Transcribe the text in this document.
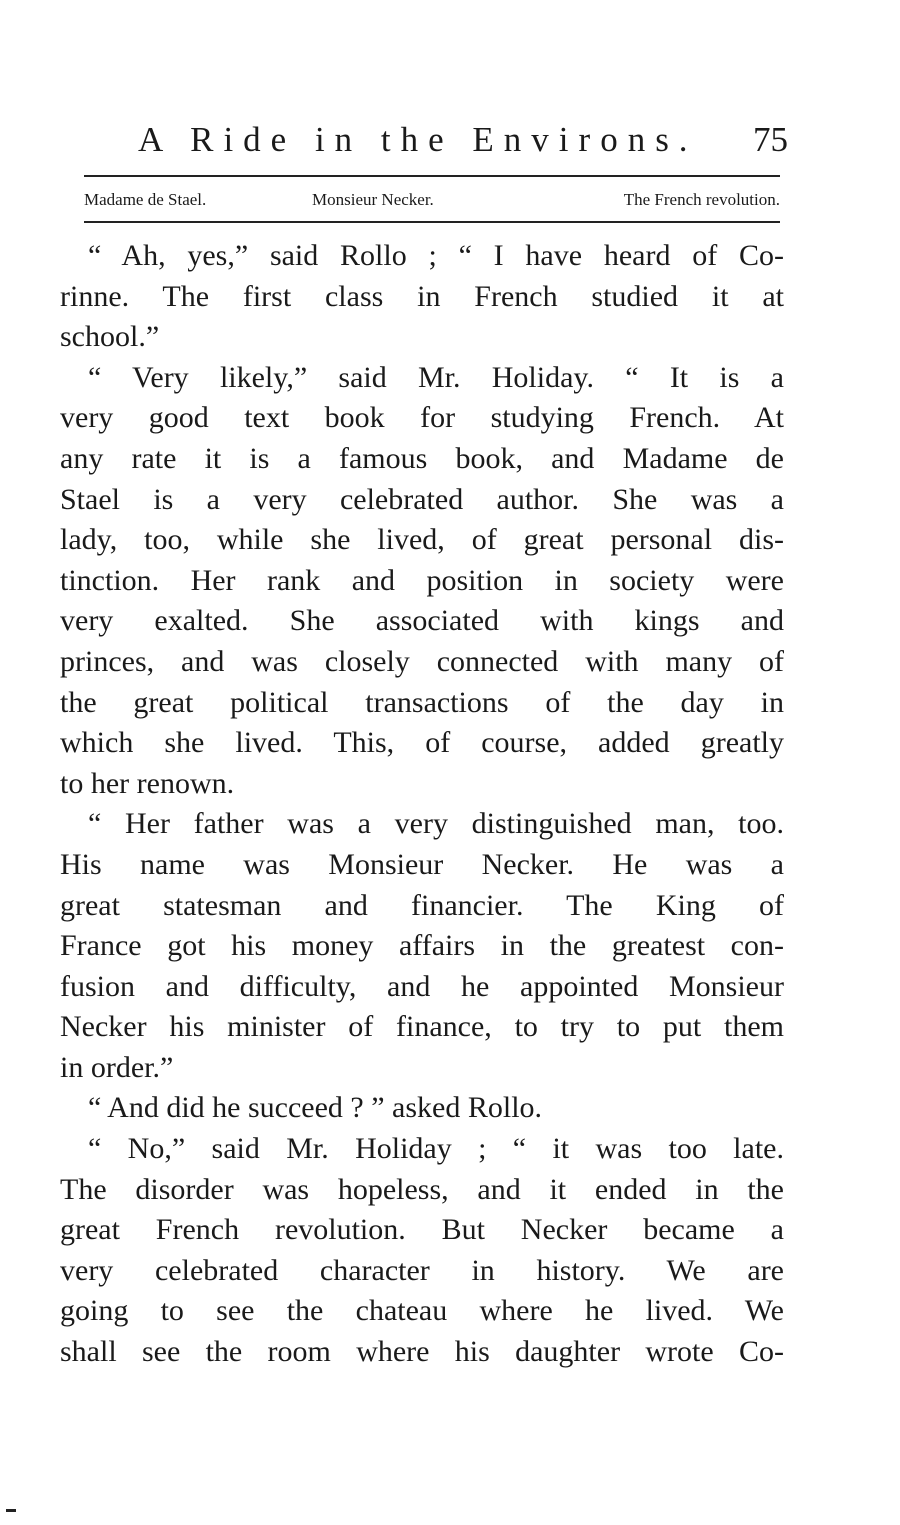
A Ride in the Environs. 75
Madame de Stael.	Monsieur Necker.	The French revolution.
“ Ah, yes,” said Rollo ; “ I have heard of Co-
rinne. The first class in French studied it at
school.”
“ Very likely,” said Mr. Holiday. “ It is a
very good text book for studying French. At
any rate it is a famous book, and Madame de
Stael is a very celebrated author. She was a
lady, too, while she lived, of great personal dis-
tinction. Her rank and position in society were
very exalted. She associated with kings and
princes, and was closely connected with many of
the great political transactions of the day in
which she lived. This, of course, added greatly
to her renown.
“ Her father was a very distinguished man, too.
His name was Monsieur Necker. He was a
great statesman and financier. The King of
France got his money affairs in the greatest con-
fusion and difficulty, and he appointed Monsieur
Necker his minister of finance, to try to put them
in order.”
“ And did he succeed ? ” asked Rollo.
“ No,” said Mr. Holiday ; “ it was too late.
The disorder was hopeless, and it ended in the
great French revolution. But Necker became a
very celebrated character in history. We are
going to see the chateau where he lived. We
shall see the room where his daughter wrote Co-
